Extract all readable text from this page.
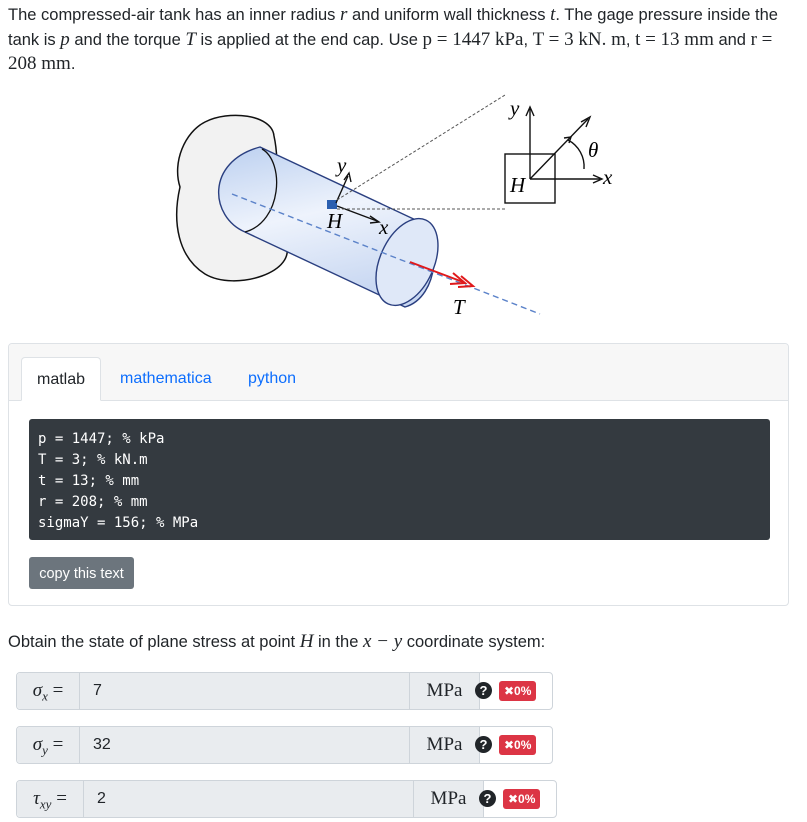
The compressed-air tank has an inner radius r and uniform wall thickness t. The gage pressure inside the tank is p and the torque T is applied at the end cap. Use p = 1447 kPa, T = 3 kN. m, t = 13 mm and r = 208 mm.
T
y
x
H
y
x
H
θ
matlab	mathematica	python
p = 1447; % kPa
T = 3; % kN.m
t = 13; % mm
r = 208; % mm
sigmaY = 156; % MPa
copy this text
Obtain the state of plane stress at point H in the x − y coordinate system:
$\sigma_x$ =	7	MPa	?	✖0%
$\sigma_y$ =	32	MPa	?	✖0%
$\tau_{xy}$ =	2	MPa	?	✖0%
